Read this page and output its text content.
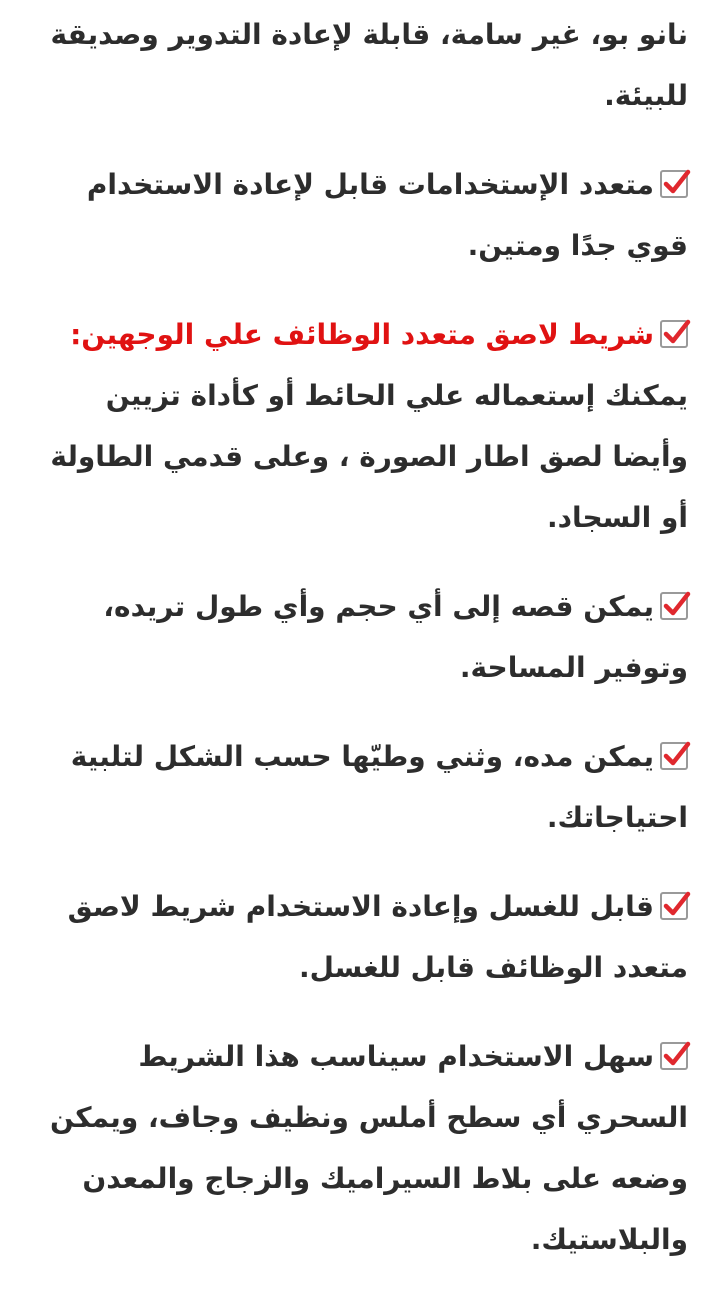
نانو بو، غير سامة، قابلة لإعادة التدوير وصديقة للبيئة.

متعدد الإستخدامات قابل لإعادة الاستخدام قوي جدًا ومتين.

شريط لاصق متعدد الوظائف علي الوجهين:
يمكنك إستعماله علي الحائط أو كأداة تزيين وأيضا لصق اطار الصورة ، وعلى قدمي الطاولة أو السجاد.

يمكن قصه إلى أي حجم وأي طول تريده، وتوفير المساحة.

يمكن مده، وثني وطيّها حسب الشكل لتلبية احتياجاتك.

قابل للغسل وإعادة الاستخدام شريط لاصق متعدد الوظائف قابل للغسل.

سهل الاستخدام سيناسب هذا الشريط السحري أي سطح أملس ونظيف وجاف، ويمكن وضعه على بلاط السيراميك والزجاج والمعدن والبلاستيك.
